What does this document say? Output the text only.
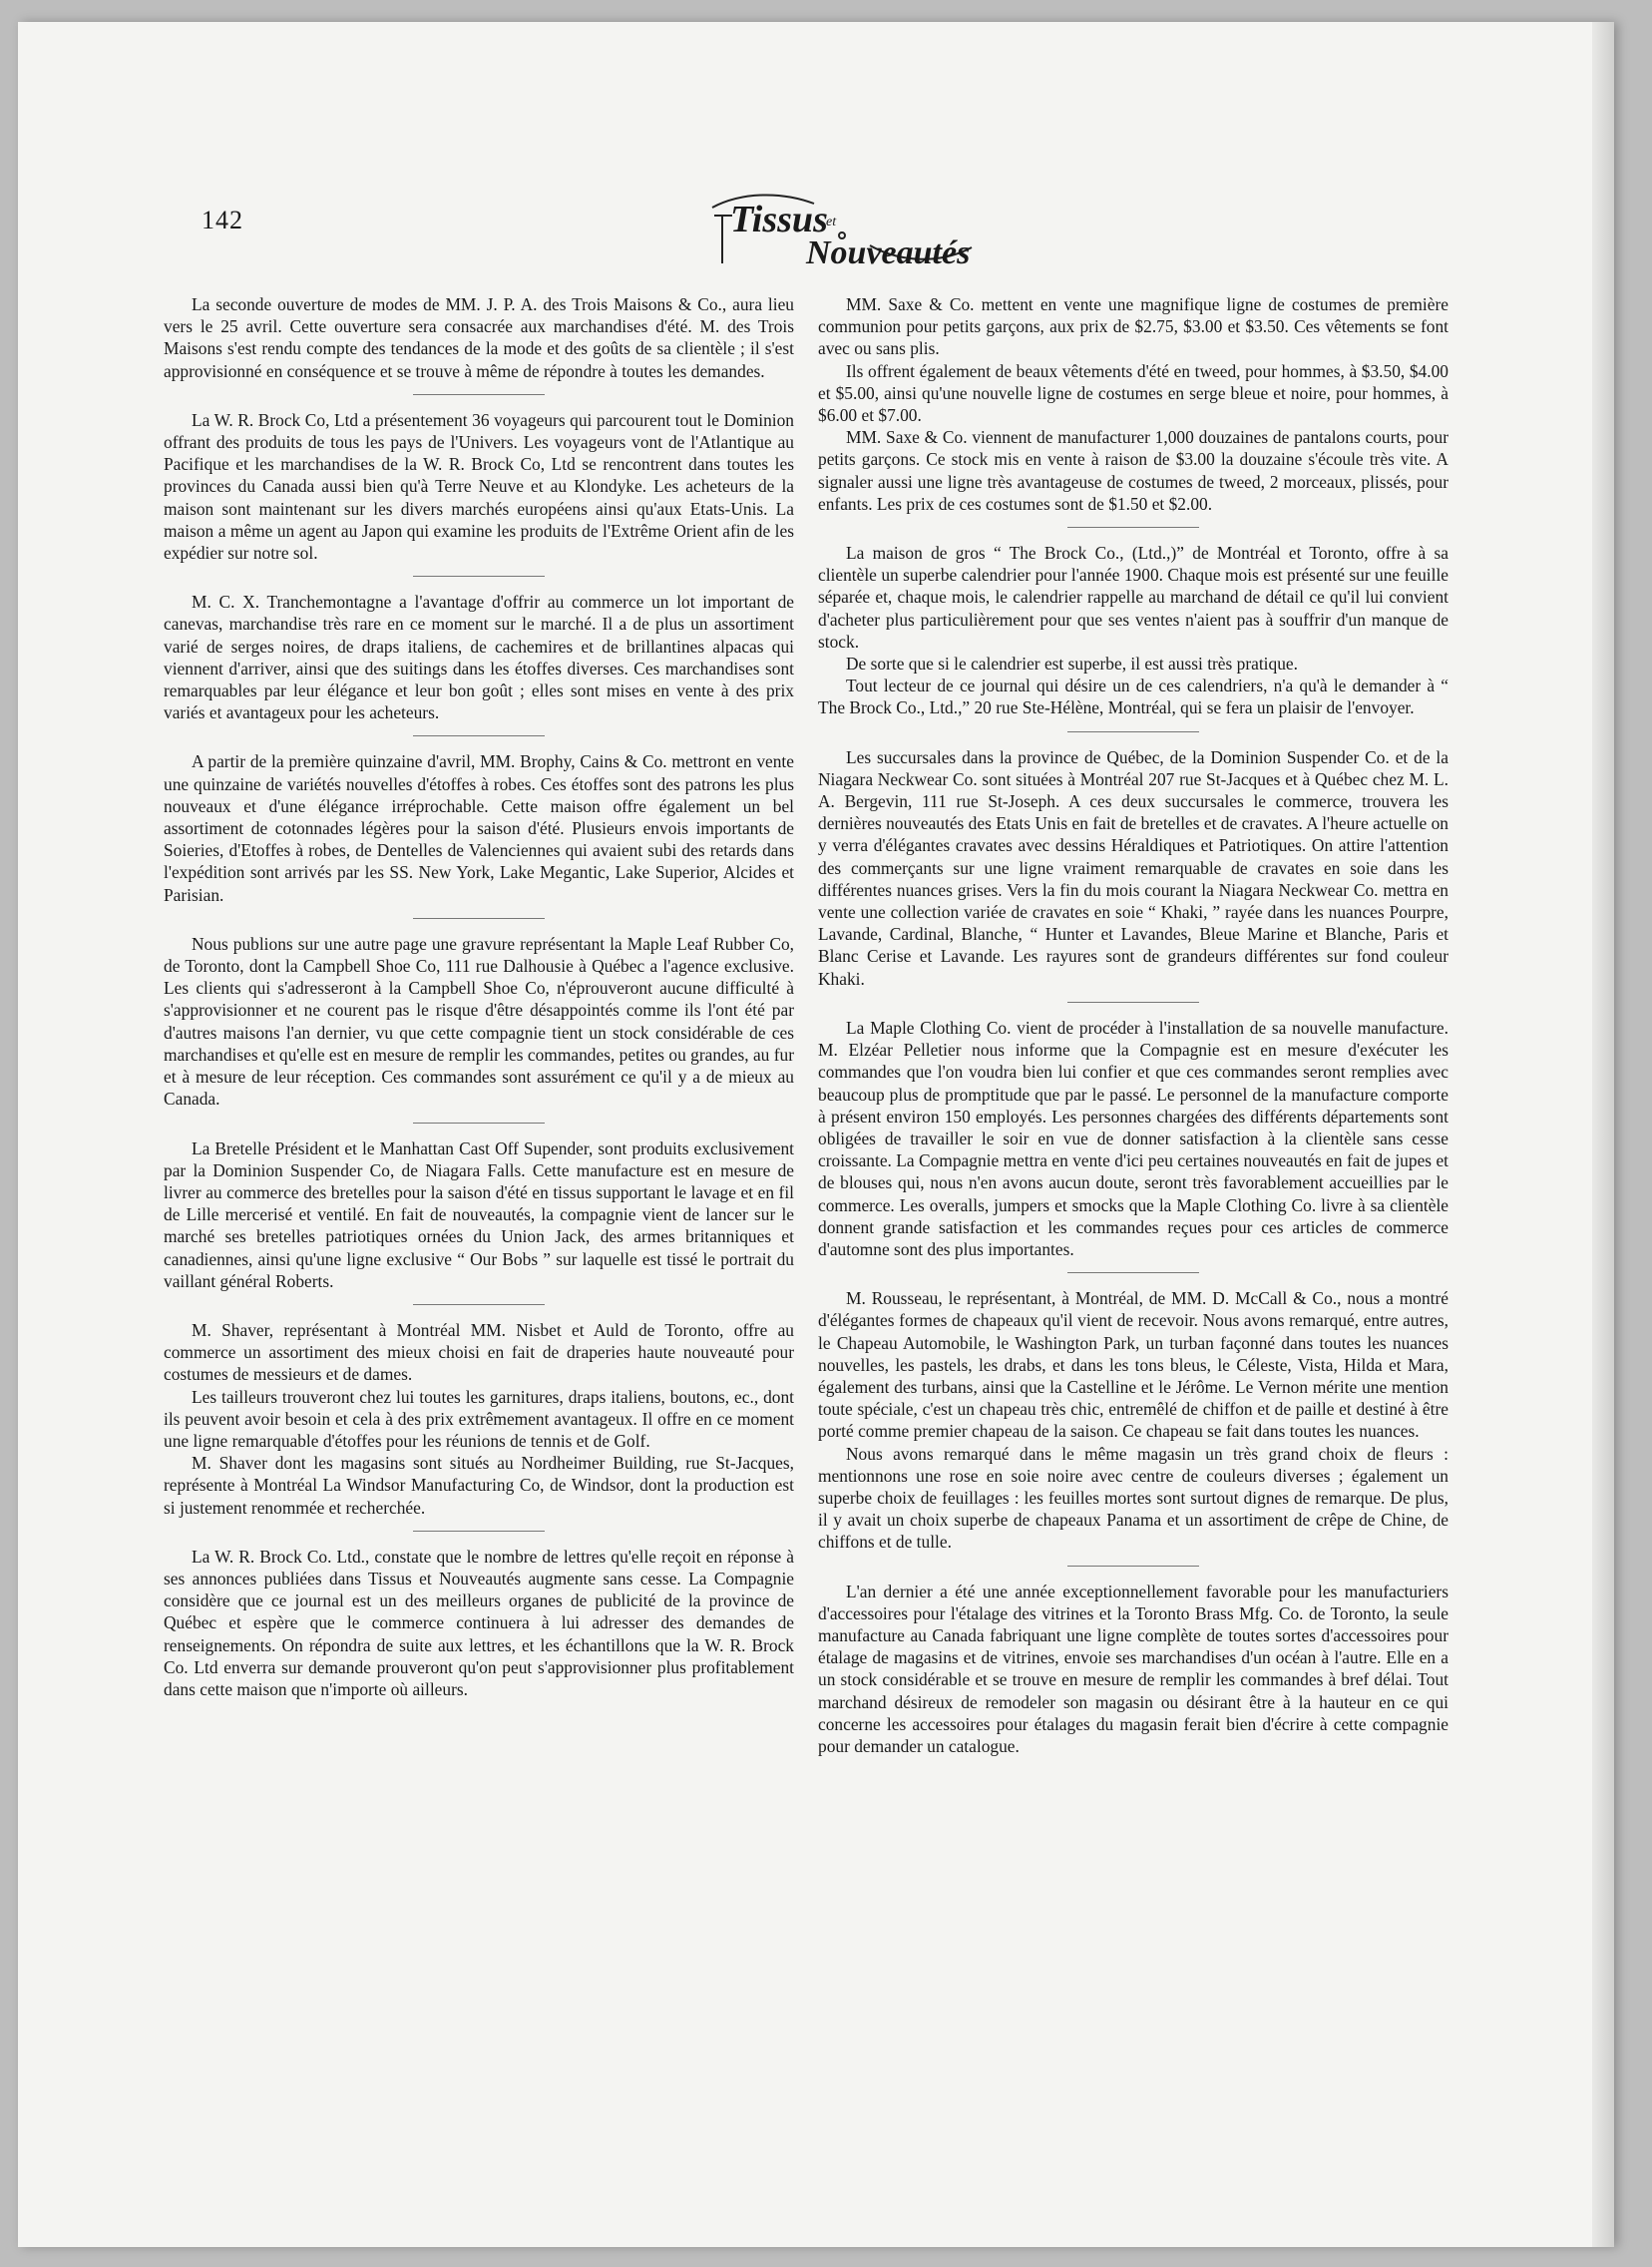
142	Tissus
et
Nouveautés

La seconde ouverture de modes de MM. J. P. A. des Trois Maisons & Co., aura lieu vers le 25 avril. Cette ouverture sera consacrée aux marchandises d'été. M. des Trois Maisons s'est rendu compte des tendances de la mode et des goûts de sa clientèle ; il s'est approvisionné en conséquence et se trouve à même de répondre à toutes les demandes.

La W. R. Brock Co, Ltd a présentement 36 voyageurs qui parcourent tout le Dominion offrant des produits de tous les pays de l'Univers. Les voyageurs vont de l'Atlantique au Pacifique et les marchandises de la W. R. Brock Co, Ltd se rencontrent dans toutes les provinces du Canada aussi bien qu'à Terre Neuve et au Klondyke. Les acheteurs de la maison sont maintenant sur les divers marchés européens ainsi qu'aux Etats-Unis. La maison a même un agent au Japon qui examine les produits de l'Extrême Orient afin de les expédier sur notre sol.

M. C. X. Tranchemontagne a l'avantage d'offrir au commerce un lot important de canevas, marchandise très rare en ce moment sur le marché. Il a de plus un assortiment varié de serges noires, de draps italiens, de cachemires et de brillantines alpacas qui viennent d'arriver, ainsi que des suitings dans les étoffes diverses. Ces marchandises sont remarquables par leur élégance et leur bon goût ; elles sont mises en vente à des prix variés et avantageux pour les acheteurs.

A partir de la première quinzaine d'avril, MM. Brophy, Cains & Co. mettront en vente une quinzaine de variétés nouvelles d'étoffes à robes. Ces étoffes sont des patrons les plus nouveaux et d'une élégance irréprochable. Cette maison offre également un bel assortiment de cotonnades légères pour la saison d'été. Plusieurs envois importants de Soieries, d'Etoffes à robes, de Dentelles de Valenciennes qui avaient subi des retards dans l'expédition sont arrivés par les SS. New York, Lake Megantic, Lake Superior, Alcides et Parisian.

Nous publions sur une autre page une gravure représentant la Maple Leaf Rubber Co, de Toronto, dont la Campbell Shoe Co, 111 rue Dalhousie à Québec a l'agence exclusive. Les clients qui s'adresseront à la Campbell Shoe Co, n'éprouveront aucune difficulté à s'approvisionner et ne courent pas le risque d'être désappointés comme ils l'ont été par d'autres maisons l'an dernier, vu que cette compagnie tient un stock considérable de ces marchandises et qu'elle est en mesure de remplir les commandes, petites ou grandes, au fur et à mesure de leur réception. Ces commandes sont assurément ce qu'il y a de mieux au Canada.

La Bretelle Président et le Manhattan Cast Off Supender, sont produits exclusivement par la Dominion Suspender Co, de Niagara Falls. Cette manufacture est en mesure de livrer au commerce des bretelles pour la saison d'été en tissus supportant le lavage et en fil de Lille mercerisé et ventilé. En fait de nouveautés, la compagnie vient de lancer sur le marché ses bretelles patriotiques ornées du Union Jack, des armes britanniques et canadiennes, ainsi qu'une ligne exclusive “ Our Bobs ” sur laquelle est tissé le portrait du vaillant général Roberts.

M. Shaver, représentant à Montréal MM. Nisbet et Auld de Toronto, offre au commerce un assortiment des mieux choisi en fait de draperies haute nouveauté pour costumes de messieurs et de dames.
Les tailleurs trouveront chez lui toutes les garnitures, draps italiens, boutons, ec., dont ils peuvent avoir besoin et cela à des prix extrêmement avantageux. Il offre en ce moment une ligne remarquable d'étoffes pour les réunions de tennis et de Golf.
M. Shaver dont les magasins sont situés au Nordheimer Building, rue St-Jacques, représente à Montréal La Windsor Manufacturing Co, de Windsor, dont la production est si justement renommée et recherchée.

La W. R. Brock Co. Ltd., constate que le nombre de lettres qu'elle reçoit en réponse à ses annonces publiées dans Tissus et Nouveautés augmente sans cesse. La Compagnie considère que ce journal est un des meilleurs organes de publicité de la province de Québec et espère que le commerce continuera à lui adresser des demandes de renseignements. On répondra de suite aux lettres, et les échantillons que la W. R. Brock Co. Ltd enverra sur demande prouveront qu'on peut s'approvisionner plus profitablement dans cette maison que n'importe où ailleurs.

MM. Saxe & Co. mettent en vente une magnifique ligne de costumes de première communion pour petits garçons, aux prix de $2.75, $3.00 et $3.50. Ces vêtements se font avec ou sans plis.
Ils offrent également de beaux vêtements d'été en tweed, pour hommes, à $3.50, $4.00 et $5.00, ainsi qu'une nouvelle ligne de costumes en serge bleue et noire, pour hommes, à $6.00 et $7.00.
MM. Saxe & Co. viennent de manufacturer 1,000 douzaines de pantalons courts, pour petits garçons. Ce stock mis en vente à raison de $3.00 la douzaine s'écoule très vite. A signaler aussi une ligne très avantageuse de costumes de tweed, 2 morceaux, plissés, pour enfants. Les prix de ces costumes sont de $1.50 et $2.00.

La maison de gros “ The Brock Co., (Ltd.,)” de Montréal et Toronto, offre à sa clientèle un superbe calendrier pour l'année 1900. Chaque mois est présenté sur une feuille séparée et, chaque mois, le calendrier rappelle au marchand de détail ce qu'il lui convient d'acheter plus particulièrement pour que ses ventes n'aient pas à souffrir d'un manque de stock.
De sorte que si le calendrier est superbe, il est aussi très pratique.
Tout lecteur de ce journal qui désire un de ces calendriers, n'a qu'à le demander à “ The Brock Co., Ltd.,” 20 rue Ste-Hélène, Montréal, qui se fera un plaisir de l'envoyer.

Les succursales dans la province de Québec, de la Dominion Suspender Co. et de la Niagara Neckwear Co. sont situées à Montréal 207 rue St-Jacques et à Québec chez M. L. A. Bergevin, 111 rue St-Joseph. A ces deux succursales le commerce, trouvera les dernières nouveautés des Etats Unis en fait de bretelles et de cravates. A l'heure actuelle on y verra d'élégantes cravates avec dessins Héraldiques et Patriotiques. On attire l'attention des commerçants sur une ligne vraiment remarquable de cravates en soie dans les différentes nuances grises. Vers la fin du mois courant la Niagara Neckwear Co. mettra en vente une collection variée de cravates en soie “ Khaki, ” rayée dans les nuances Pourpre, Lavande, Cardinal, Blanche, “ Hunter et Lavandes, Bleue Marine et Blanche, Paris et Blanc Cerise et Lavande. Les rayures sont de grandeurs différentes sur fond couleur Khaki.

La Maple Clothing Co. vient de procéder à l'installation de sa nouvelle manufacture. M. Elzéar Pelletier nous informe que la Compagnie est en mesure d'exécuter les commandes que l'on voudra bien lui confier et que ces commandes seront remplies avec beaucoup plus de promptitude que par le passé. Le personnel de la manufacture comporte à présent environ 150 employés. Les personnes chargées des différents départements sont obligées de travailler le soir en vue de donner satisfaction à la clientèle sans cesse croissante. La Compagnie mettra en vente d'ici peu certaines nouveautés en fait de jupes et de blouses qui, nous n'en avons aucun doute, seront très favorablement accueillies par le commerce. Les overalls, jumpers et smocks que la Maple Clothing Co. livre à sa clientèle donnent grande satisfaction et les commandes reçues pour ces articles de commerce d'automne sont des plus importantes.

M. Rousseau, le représentant, à Montréal, de MM. D. McCall & Co., nous a montré d'élégantes formes de chapeaux qu'il vient de recevoir. Nous avons remarqué, entre autres, le Chapeau Automobile, le Washington Park, un turban façonné dans toutes les nuances nouvelles, les pastels, les drabs, et dans les tons bleus, le Céleste, Vista, Hilda et Mara, également des turbans, ainsi que la Castelline et le Jérôme. Le Vernon mérite une mention toute spéciale, c'est un chapeau très chic, entremêlé de chiffon et de paille et destiné à être porté comme premier chapeau de la saison. Ce chapeau se fait dans toutes les nuances.
Nous avons remarqué dans le même magasin un très grand choix de fleurs : mentionnons une rose en soie noire avec centre de couleurs diverses ; également un superbe choix de feuillages : les feuilles mortes sont surtout dignes de remarque. De plus, il y avait un choix superbe de chapeaux Panama et un assortiment de crêpe de Chine, de chiffons et de tulle.

L'an dernier a été une année exceptionnellement favorable pour les manufacturiers d'accessoires pour l'étalage des vitrines et la Toronto Brass Mfg. Co. de Toronto, la seule manufacture au Canada fabriquant une ligne complète de toutes sortes d'accessoires pour étalage de magasins et de vitrines, envoie ses marchandises d'un océan à l'autre. Elle en a un stock considérable et se trouve en mesure de remplir les commandes à bref délai. Tout marchand désireux de remodeler son magasin ou désirant être à la hauteur en ce qui concerne les accessoires pour étalages du magasin ferait bien d'écrire à cette compagnie pour demander un catalogue.
